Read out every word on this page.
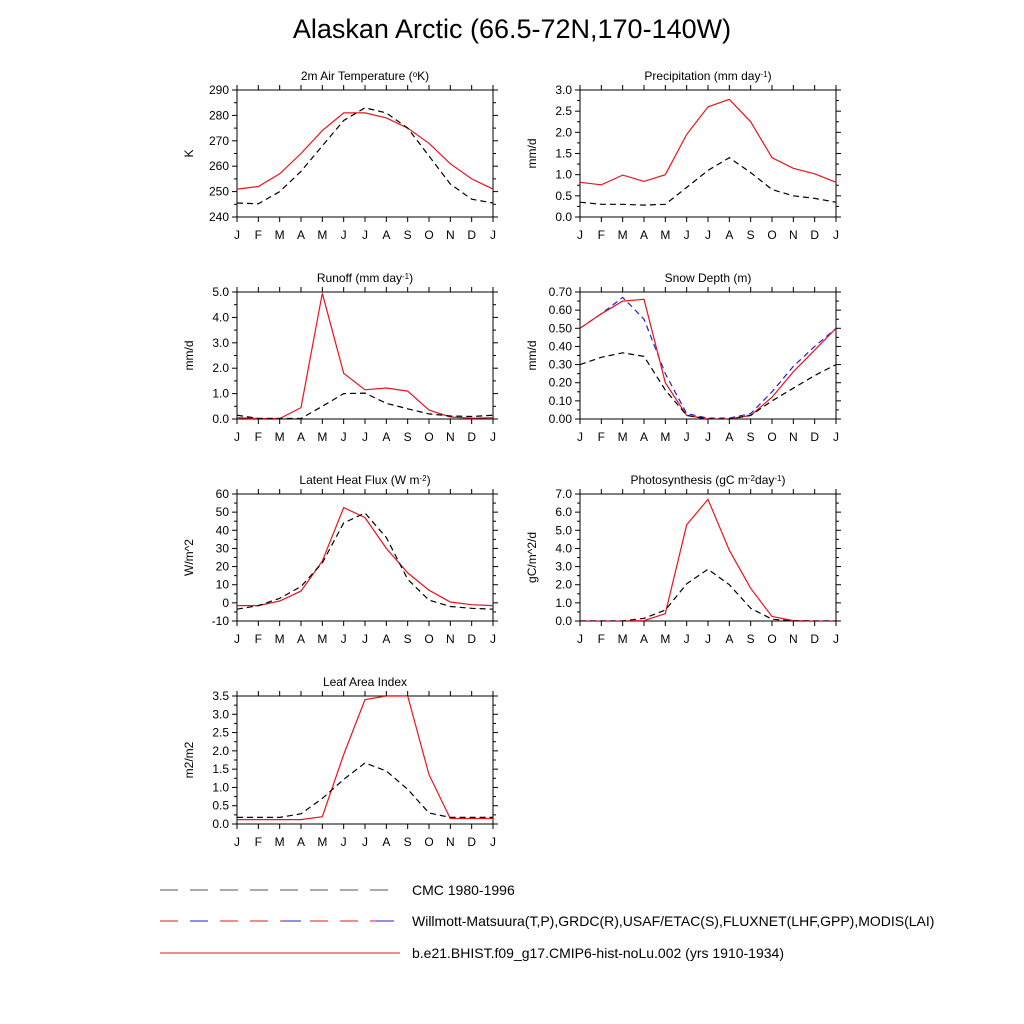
Alaskan Arctic (66.5-72N,170-140W)
240
250
260
270
280
290
J F M A M J J A S O N D J
2m Air Temperature (oK)
K
0.0
0.5
1.0
1.5
2.0
2.5
3.0
J F M A M J J A S O N D J
Precipitation (mm day-1)
mm/d
0.0
1.0
2.0
3.0
4.0
5.0
J F M A M J J A S O N D J
Runoff (mm day-1)
mm/d
0.00
0.10
0.20
0.30
0.40
0.50
0.60
0.70
J F M A M J J A S O N D J
Snow Depth (m)
mm/d
-10
0
10
20
30
40
50
60
J F M A M J J A S O N D J
Latent Heat Flux (W m-2)
W/m^2
0.0
1.0
2.0
3.0
4.0
5.0
6.0
7.0
J F M A M J J A S O N D J
Photosynthesis (gC m-2day-1)
gC/m^2/d
0.0
0.5
1.0
1.5
2.0
2.5
3.0
3.5
J F M A M J J A S O N D J
Leaf Area Index
m2/m2
CMC 1980-1996
Willmott-Matsuura(T,P),GRDC(R),USAF/ETAC(S),FLUXNET(LHF,GPP),MODIS(LAI)
b.e21.BHIST.f09_g17.CMIP6-hist-noLu.002 (yrs 1910-1934)
